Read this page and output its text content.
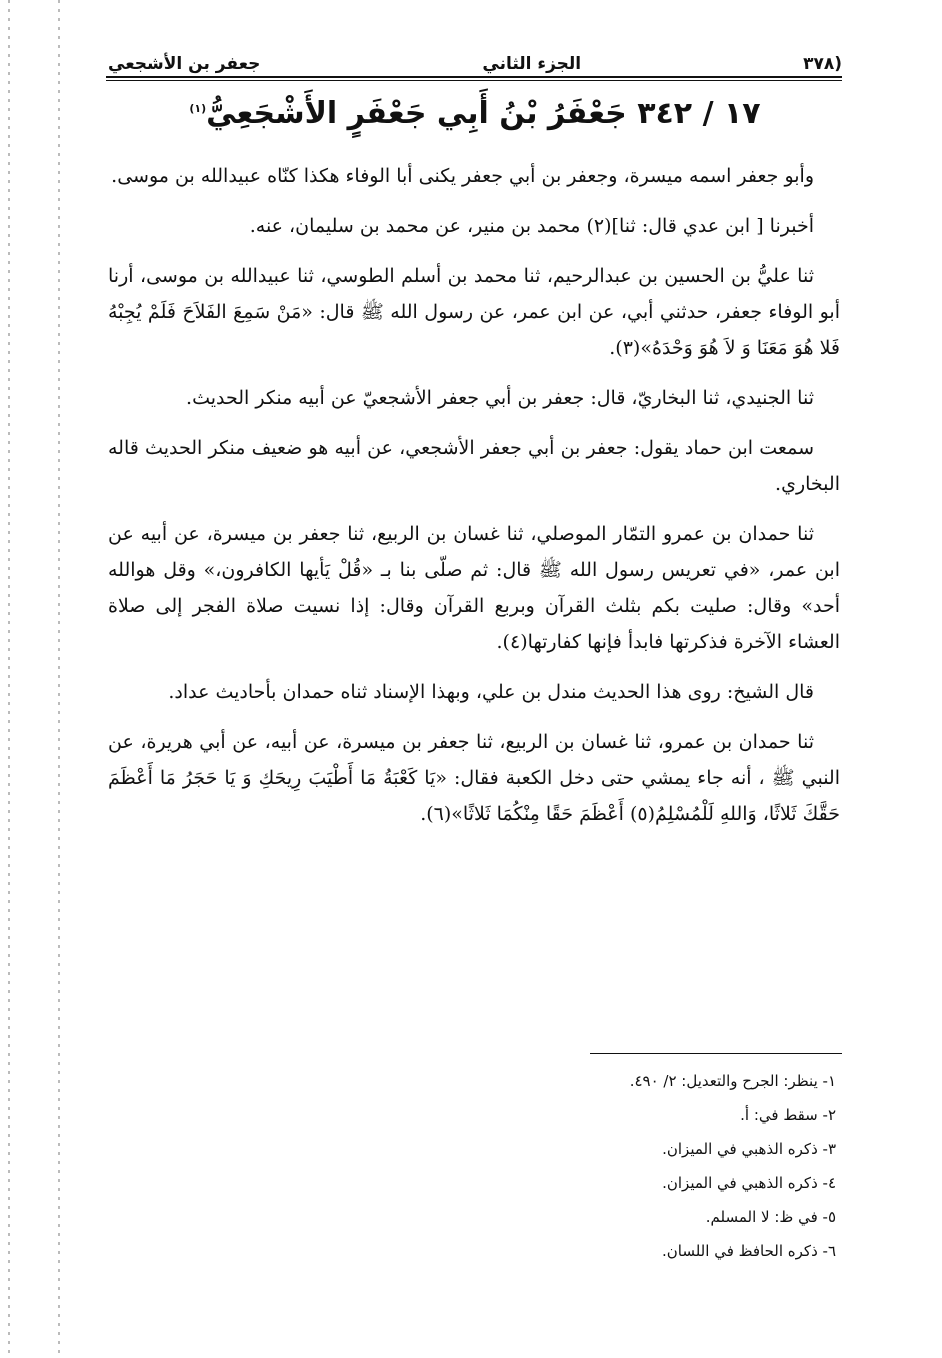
(٣٧٨
الجزء الثاني
جعفر بن الأشجعي
١٧ / ٣٤٢ جَعْفَرُ بْنُ أَبِي جَعْفَرٍ الأَشْجَعِيُّ$^{(١)}$

وأبو جعفر اسمه ميسرة، وجعفر بن أبي جعفر يكنى أبا الوفاء هكذا كنّاه عبيدالله بن موسى.

أخبرنا [ ابن عدي قال: ثنا](٢) محمد بن منير، عن محمد بن سليمان، عنه.

ثنا عليُّ بن الحسين بن عبدالرحيم، ثنا محمد بن أسلم الطوسي، ثنا عبيدالله بن موسى، أرنا أبو الوفاء جعفر، حدثني أبي، عن ابن عمر، عن رسول الله ﷺ قال: «مَنْ سَمِعَ الفَلاَحَ فَلَمْ يُجِبْهُ فَلا هُوَ مَعَنَا وَ لاَ هُوَ وَحْدَهُ»(٣).

ثنا الجنيدي، ثنا البخاريّ، قال: جعفر بن أبي جعفر الأشجعيّ عن أبيه منكر الحديث.

سمعت ابن حماد يقول: جعفر بن أبي جعفر الأشجعي، عن أبيه هو ضعيف منكر الحديث قاله البخاري.

ثنا حمدان بن عمرو التمّار الموصلي، ثنا غسان بن الربيع، ثنا جعفر بن ميسرة، عن أبيه عن ابن عمر، «في تعريس رسول الله ﷺ قال: ثم صلّى بنا بـ «قُلْ يَأيها الكافرون،» وقل هوالله أحد» وقال: صليت بكم بثلث القرآن وبربع القرآن وقال: إذا نسيت صلاة الفجر إلى صلاة العشاء الآخرة فذكرتها فابدأ فإنها كفارتها(٤).

قال الشيخ: روى هذا الحديث مندل بن علي، وبهذا الإسناد ثناه حمدان بأحاديث عداد.

ثنا حمدان بن عمرو، ثنا غسان بن الربيع، ثنا جعفر بن ميسرة، عن أبيه، عن أبي هريرة، عن النبي ﷺ ، أنه جاء يمشي حتى دخل الكعبة فقال: «يَا كَعْبَةُ مَا أَطْيَبَ رِيحَكِ وَ يَا حَجَرُ مَا أَعْظَمَ حَقَّكَ ثَلاثًا، وَاللهِ لَلْمُسْلِمُ(٥) أَعْظَمَ حَقًا مِنْكُمَا ثَلاثًا»(٦).

١- ينظر: الجرح والتعديل: ٢/ ٤٩٠.
٢- سقط في: أ.
٣- ذكره الذهبي في الميزان.
٤- ذكره الذهبي في الميزان.
٥- في ظ: لا المسلم.
٦- ذكره الحافظ في اللسان.
